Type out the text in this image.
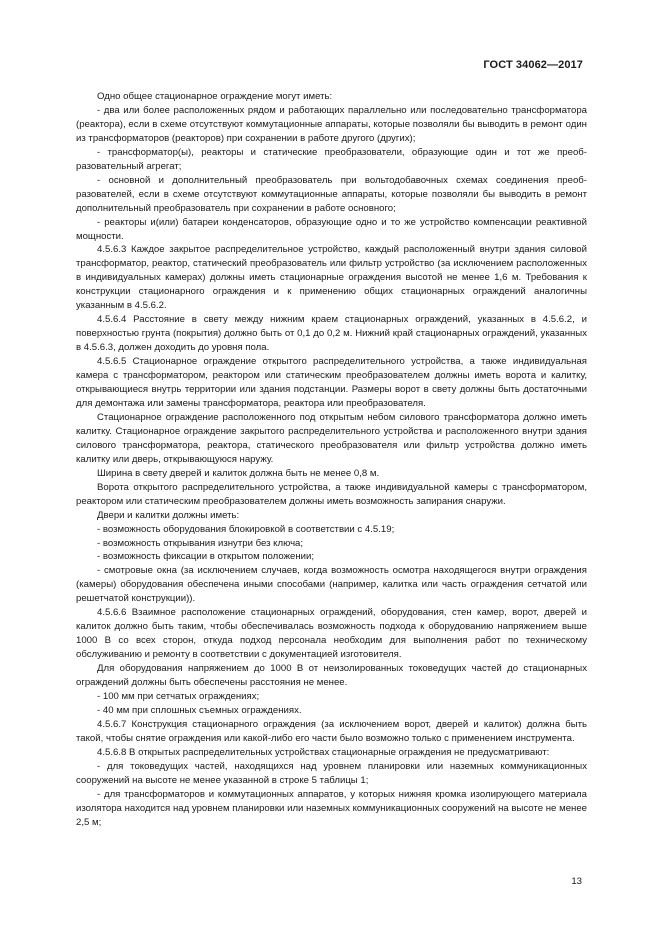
ГОСТ 34062—2017

Одно общее стационарное ограждение могут иметь:

- два или более расположенных рядом и работающих параллельно или последовательно трансформатора (реактора), если в схеме отсутствуют коммутационные аппараты, которые позволяли бы выводить в ремонт один из трансформаторов (реакторов) при сохранении в работе другого (других);

- трансформатор(ы), реакторы и статические преобразователи, образующие один и тот же преобразовательный агрегат;

- основной и дополнительный преобразователь при вольтодобавочных схемах соединения преобразователей, если в схеме отсутствуют коммутационные аппараты, которые позволяли бы выводить в ремонт дополнительный преобразователь при сохранении в работе основного;

- реакторы и(или) батареи конденсаторов, образующие одно и то же устройство компенсации реактивной мощности.

4.5.6.3 Каждое закрытое распределительное устройство, каждый расположенный внутри здания силовой трансформатор, реактор, статический преобразователь или фильтр устройство (за исключением расположенных в индивидуальных камерах) должны иметь стационарные ограждения высотой не менее 1,6 м. Требования к конструкции стационарного ограждения и к применению общих стационарных ограждений аналогичны указанным в 4.5.6.2.

4.5.6.4 Расстояние в свету между нижним краем стационарных ограждений, указанных в 4.5.6.2, и поверхностью грунта (покрытия) должно быть от 0,1 до 0,2 м. Нижний край стационарных ограждений, указанных в 4.5.6.3, должен доходить до уровня пола.

4.5.6.5 Стационарное ограждение открытого распределительного устройства, а также индивидуальная камера с трансформатором, реактором или статическим преобразователем должны иметь ворота и калитку, открывающиеся внутрь территории или здания подстанции. Размеры ворот в свету должны быть достаточными для демонтажа или замены трансформатора, реактора или преобразователя.

Стационарное ограждение расположенного под открытым небом силового трансформатора должно иметь калитку. Стационарное ограждение закрытого распределительного устройства и расположенного внутри здания силового трансформатора, реактора, статического преобразователя или фильтр устройства должно иметь калитку или дверь, открывающуюся наружу.

Ширина в свету дверей и калиток должна быть не менее 0,8 м.

Ворота открытого распределительного устройства, а также индивидуальной камеры с трансформатором, реактором или статическим преобразователем должны иметь возможность запирания снаружи.

Двери и калитки должны иметь:

- возможность оборудования блокировкой в соответствии с 4.5.19;

- возможность открывания изнутри без ключа;

- возможность фиксации в открытом положении;

- смотровые окна (за исключением случаев, когда возможность осмотра находящегося внутри ограждения (камеры) оборудования обеспечена иными способами (например, калитка или часть ограждения сетчатой или решетчатой конструкции)).

4.5.6.6 Взаимное расположение стационарных ограждений, оборудования, стен камер, ворот, дверей и калиток должно быть таким, чтобы обеспечивалась возможность подхода к оборудованию напряжением выше 1000 В со всех сторон, откуда подход персонала необходим для выполнения работ по техническому обслуживанию и ремонту в соответствии с документацией изготовителя.

Для оборудования напряжением до 1000 В от неизолированных токоведущих частей до стационарных ограждений должны быть обеспечены расстояния не менее.

- 100 мм при сетчатых ограждениях;

- 40 мм при сплошных съемных ограждениях.

4.5.6.7 Конструкция стационарного ограждения (за исключением ворот, дверей и калиток) должна быть такой, чтобы снятие ограждения или какой-либо его части было возможно только с применением инструмента.

4.5.6.8 В открытых распределительных устройствах стационарные ограждения не предусматривают:

- для токоведущих частей, находящихся над уровнем планировки или наземных коммуникационных сооружений на высоте не менее указанной в строке 5 таблицы 1;

- для трансформаторов и коммутационных аппаратов, у которых нижняя кромка изолирующего материала изолятора находится над уровнем планировки или наземных коммуникационных сооружений на высоте не менее 2,5 м;

13
